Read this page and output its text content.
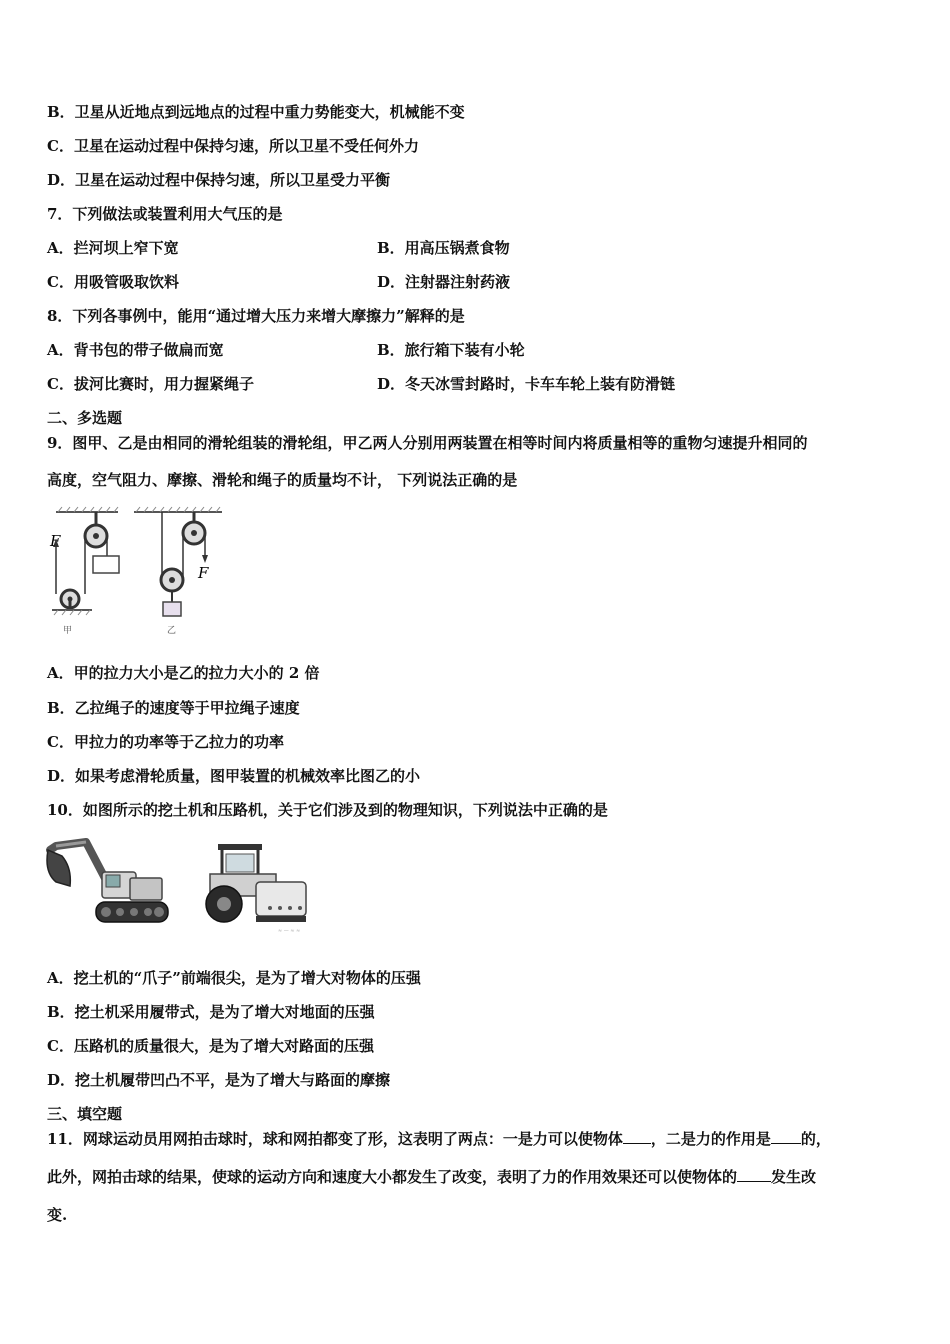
B．卫星从近地点到远地点的过程中重力势能变大，机械能不变
C．卫星在运动过程中保持匀速，所以卫星不受任何外力
D．卫星在运动过程中保持匀速，所以卫星受力平衡
7．下列做法或装置利用大气压的是
A．拦河坝上窄下宽	B．用高压锅煮食物
C．用吸管吸取饮料	D．注射器注射药液
8．下列各事例中，能用“通过增大压力来增大摩擦力”解释的是
A．背书包的带子做扁而宽	B．旅行箱下装有小轮
C．拔河比赛时，用力握紧绳子	D．冬天冰雪封路时，卡车车轮上装有防滑链
二、多选题
9．图甲、乙是由相同的滑轮组装的滑轮组，甲乙两人分别用两装置在相等时间内将质量相等的重物匀速提升相同的
高度，空气阻力、摩擦、滑轮和绳子的质量均不计， 下列说法正确的是
F
甲
F
乙
A．甲的拉力大小是乙的拉力大小的 2 倍
B．乙拉绳子的速度等于甲拉绳子速度
C．甲拉力的功率等于乙拉力的功率
D．如果考虑滑轮质量，图甲装置的机械效率比图乙的小
10．如图所示的挖土机和压路机，关于它们涉及到的物理知识，下列说法中正确的是
≈ — ≈ ≈
A．挖土机的“爪子”前端很尖，是为了增大对物体的压强
B．挖土机采用履带式，是为了增大对地面的压强
C．压路机的质量很大，是为了增大对路面的压强
D．挖土机履带凹凸不平，是为了增大与路面的摩擦
三、填空题
11．网球运动员用网拍击球时，球和网拍都变了形，这表明了两点：一是力可以使物体 ，二是力的作用是 的，
此外，网拍击球的结果，使球的运动方向和速度大小都发生了改变，表明了力的作用效果还可以使物体的 发生改
变.
